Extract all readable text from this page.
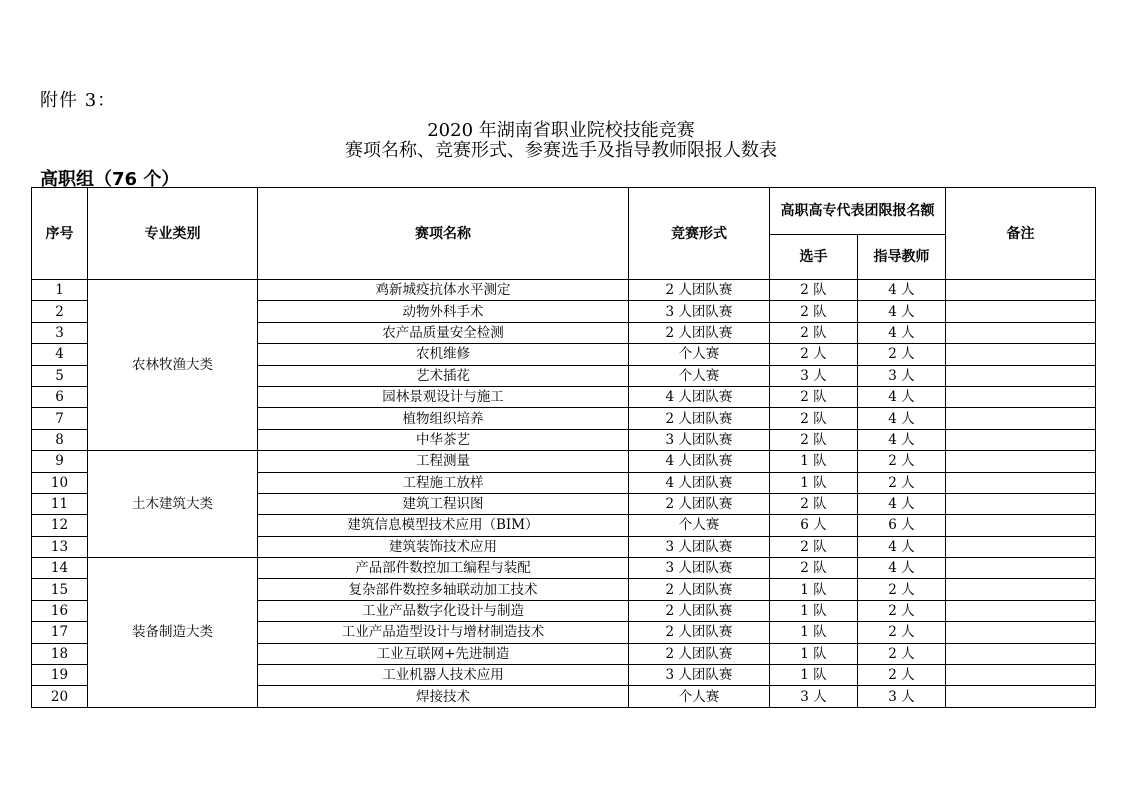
附件 3：
2020 年湖南省职业院校技能竞赛
赛项名称、竞赛形式、参赛选手及指导教师限报人数表
高职组（76 个）
序号	专业类别	赛项名称	竞赛形式	高职高专代表团限报名额		备注
				选手	指导教师	
1	农林牧渔大类	鸡新城疫抗体水平测定	2 人团队赛	2 队	4 人	
2		动物外科手术	3 人团队赛	2 队	4 人	
3		农产品质量安全检测	2 人团队赛	2 队	4 人	
4		农机维修	个人赛	2 人	2 人	
5		艺术插花	个人赛	3 人	3 人	
6		园林景观设计与施工	4 人团队赛	2 队	4 人	
7		植物组织培养	2 人团队赛	2 队	4 人	
8		中华茶艺	3 人团队赛	2 队	4 人	
9	土木建筑大类	工程测量	4 人团队赛	1 队	2 人	
10		工程施工放样	4 人团队赛	1 队	2 人	
11		建筑工程识图	2 人团队赛	2 队	4 人	
12		建筑信息模型技术应用（BIM）	个人赛	6 人	6 人	
13		建筑装饰技术应用	3 人团队赛	2 队	4 人	
14	装备制造大类	产品部件数控加工编程与装配	3 人团队赛	2 队	4 人	
15		复杂部件数控多轴联动加工技术	2 人团队赛	1 队	2 人	
16		工业产品数字化设计与制造	2 人团队赛	1 队	2 人	
17		工业产品造型设计与增材制造技术	2 人团队赛	1 队	2 人	
18		工业互联网+先进制造	2 人团队赛	1 队	2 人	
19		工业机器人技术应用	3 人团队赛	1 队	2 人	
20		焊接技术	个人赛	3 人	3 人	
